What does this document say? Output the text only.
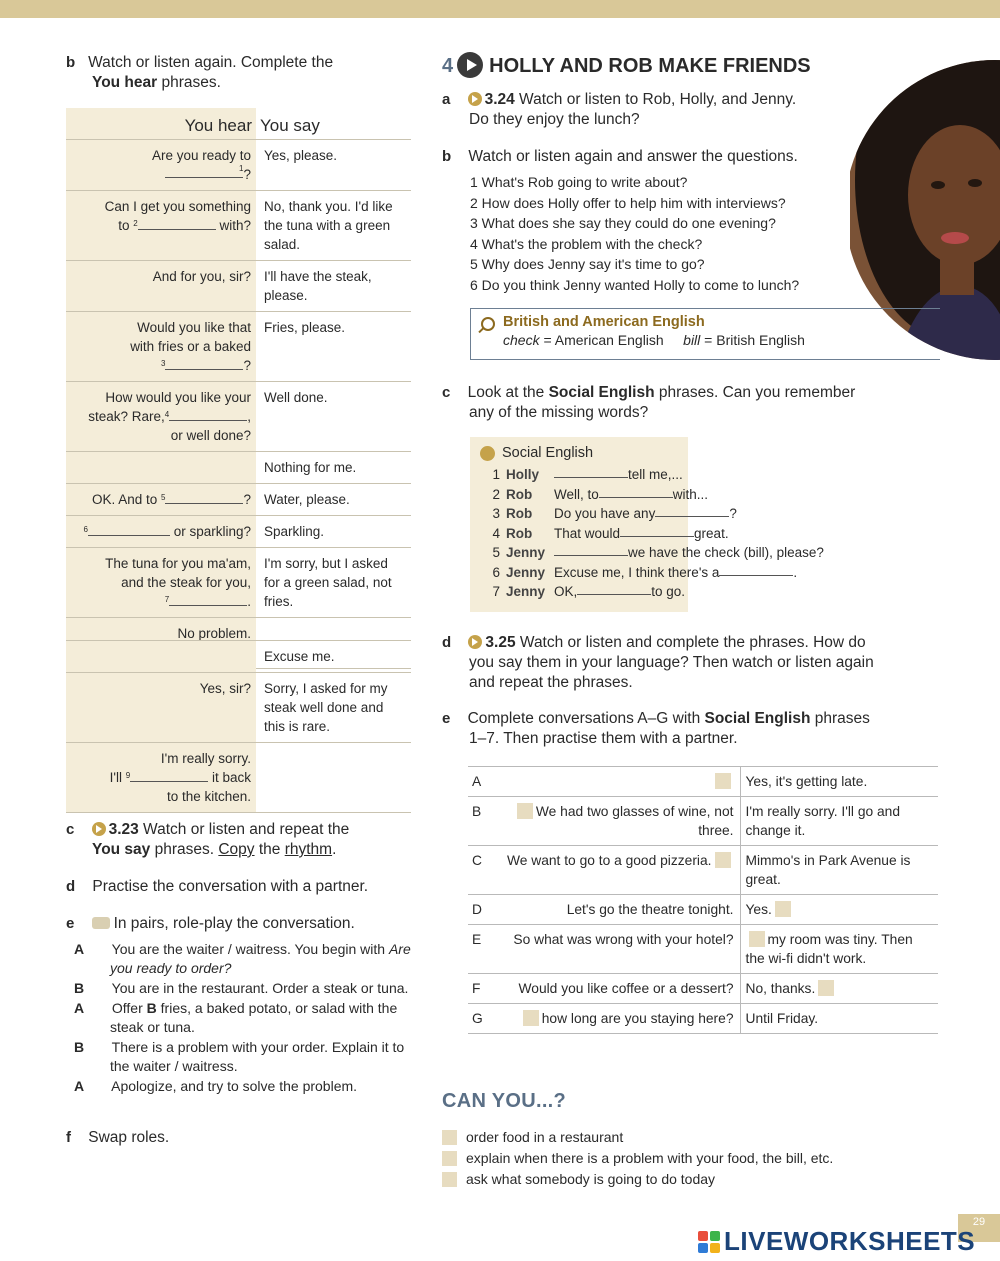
b Watch or listen again. Complete the
You hear phrases.
You hear	You say
Are you ready to
$^1$?	Yes, please.
Can I get you something
to $^2$ with?	No, thank you. I'd like the tuna with a green salad.
And for you, sir?	I'll have the steak, please.
Would you like that
with fries or a baked
$^3$ ?	Fries, please.
How would you like your
steak? Rare,$^4$ ,
or well done?	Well done.
	Nothing for me.
OK. And to $^5$ ?	Water, please.
$^6$ or sparkling?	Sparkling.
The tuna for you ma'am,
and the steak for you,
$^7$ .	I'm sorry, but I asked for a green salad, not fries.
No problem.

	Excuse me.
Yes, sir?	Sorry, I asked for my steak well done and this is rare.
I'm really sorry.
I'll $^9$ it back
to the kitchen.	
c 3.23 Watch or listen and repeat the
You say phrases. Copy the rhythm.
d Practise the conversation with a partner.
e	In pairs, role-play the conversation.
A You are the waiter / waitress. You begin with Are you ready to order?
B You are in the restaurant. Order a steak or tuna.
A Offer B fries, a baked potato, or salad with the steak or tuna.
B There is a problem with your order. Explain it to the waiter / waitress.
A Apologize, and try to solve the problem.
f Swap roles.
4 HOLLY AND ROB MAKE FRIENDS
a 3.24 Watch or listen to Rob, Holly, and Jenny.
Do they enjoy the lunch?
b Watch or listen again and answer the questions.
1 What's Rob going to write about?
2 How does Holly offer to help him with interviews?
3 What does she say they could do one evening?
4 What's the problem with the check?
5 Why does Jenny say it's time to go?
6 Do you think Jenny wanted Holly to come to lunch?
British and American English
check = American English bill = British English
c Look at the Social English phrases. Can you remember
any of the missing words?
Social English
1 Holly	tell me,...
2 Rob	Well, to	with...
3 Rob	Do you have any	?
4 Rob	That would	great.
5 Jenny	we have the check (bill), please?
6 Jenny Excuse me, I think there's a	.
7 Jenny OK,	to go.
d 3.25 Watch or listen and complete the phrases. How do
you say them in your language? Then watch or listen again
and repeat the phrases.
e Complete conversations A–G with Social English phrases
1–7. Then practise them with a partner.
A		Yes, it's getting late.
B	We had two glasses of wine, not three.	I'm really sorry. I'll go and change it.
C	We want to go to a good pizzeria.	Mimmo's in Park Avenue is great.
D	Let's go the theatre tonight.	Yes.
E	So what was wrong with your hotel?	my room was tiny. Then the wi-fi didn't work.
F	Would you like coffee or a dessert?	No, thanks.
G	how long are you staying here?	Until Friday.
CAN YOU...?
order food in a restaurant
explain when there is a problem with your food, the bill, etc.
ask what somebody is going to do today
29
LIVEWORKSHEETS
